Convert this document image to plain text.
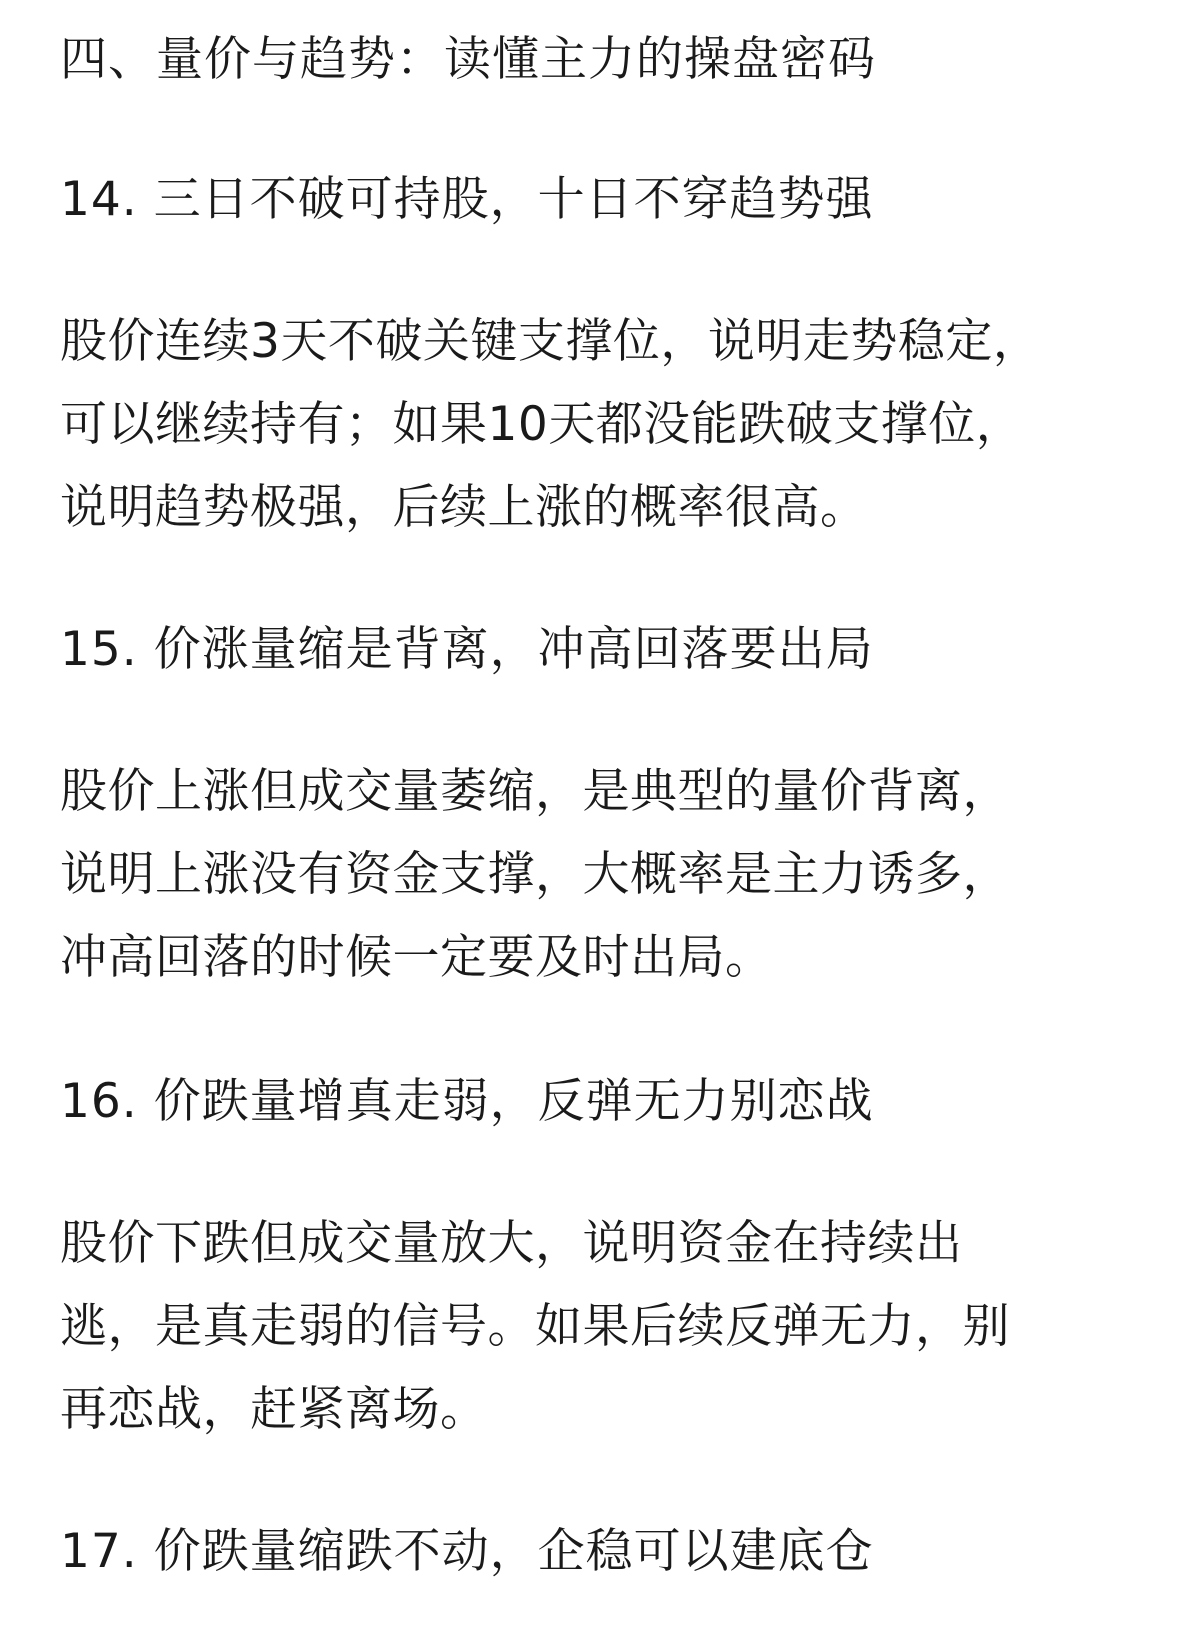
四、量价与趋势：读懂主力的操盘密码
14. 三日不破可持股，十日不穿趋势强
股价连续3天不破关键支撑位，说明走势稳定，
可以继续持有；如果10天都没能跌破支撑位，
说明趋势极强，后续上涨的概率很高。
15. 价涨量缩是背离，冲高回落要出局
股价上涨但成交量萎缩，是典型的量价背离，
说明上涨没有资金支撑，大概率是主力诱多，
冲高回落的时候一定要及时出局。
16. 价跌量增真走弱，反弹无力别恋战
股价下跌但成交量放大，说明资金在持续出
逃，是真走弱的信号。如果后续反弹无力，别
再恋战，赶紧离场。
17. 价跌量缩跌不动，企稳可以建底仓
